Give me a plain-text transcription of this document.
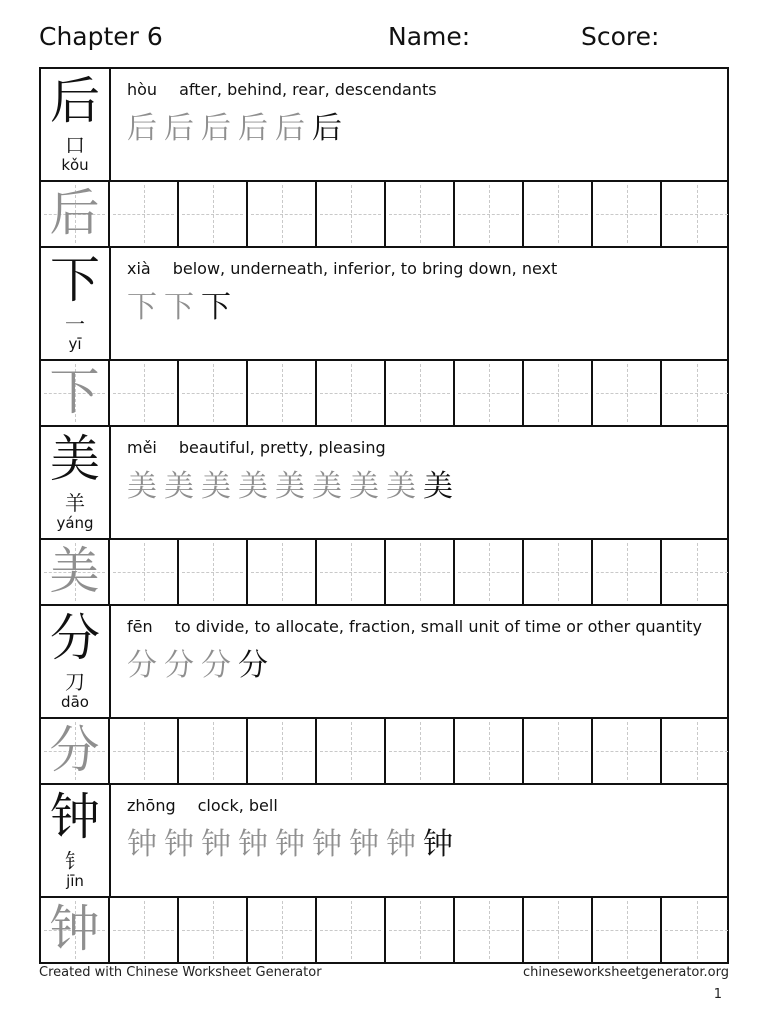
Chapter 6	Name:	Score:
后
口
kǒu
hòu after, behind, rear, descendants
后 后 后 后 后 后
后
下
一
yī
xià below, underneath, inferior, to bring down, next
下 下 下
下
美
羊
yáng
měi beautiful, pretty, pleasing
美 美 美 美 美 美 美 美 美
美
分
刀
dāo
fēn to divide, to allocate, fraction, small unit of time or other quantity
分 分 分 分
分
钟
钅
jīn
zhōng clock, bell
钟 钟 钟 钟 钟 钟 钟 钟 钟
钟
Created with Chinese Worksheet Generator	chineseworksheetgenerator.org
1
